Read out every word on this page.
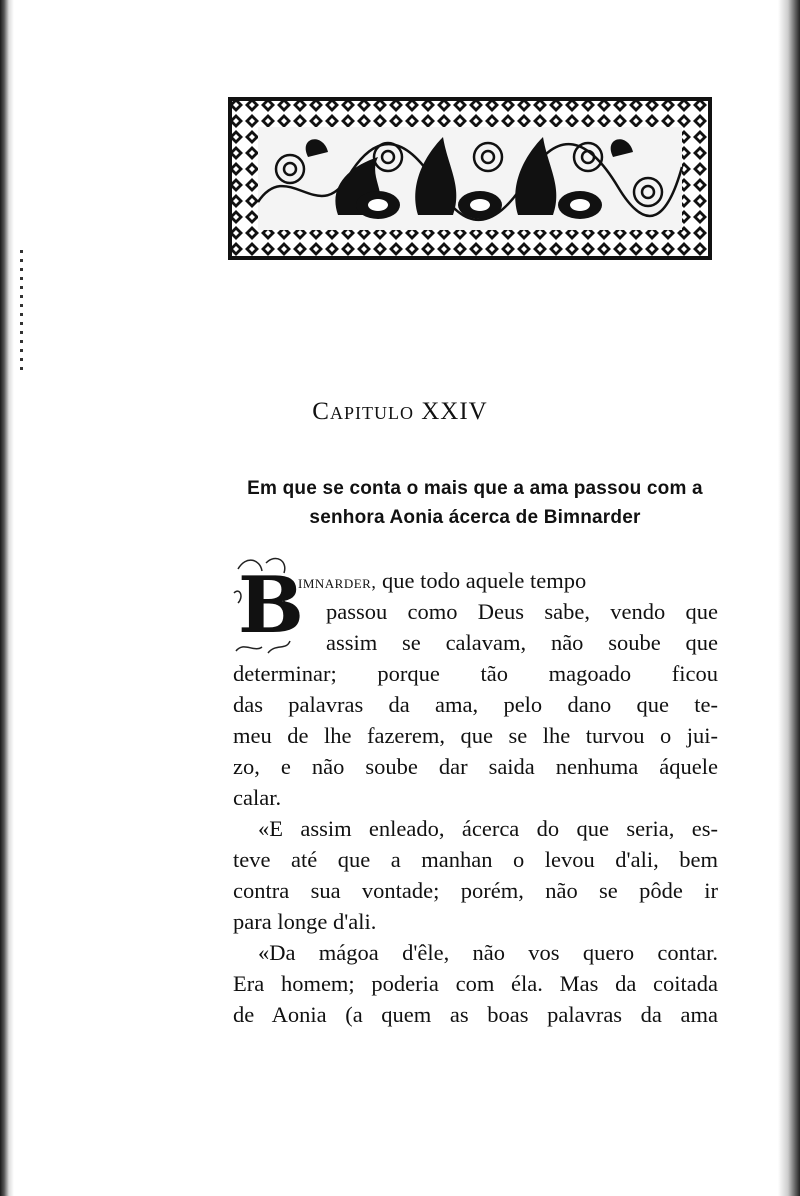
Capitulo XXIV
Em que se conta o mais que a ama passou com a
senhora Aonia ácerca de Bimnarder
B
imnarder, que todo aquele tempo
passou como Deus sabe, vendo que
assim se calavam, não soube que
determinar; porque tão magoado ficou
das palavras da ama, pelo dano que te-
meu de lhe fazerem, que se lhe turvou o jui-
zo, e não soube dar saida nenhuma áquele
calar.
«E assim enleado, ácerca do que seria, es-
teve até que a manhan o levou d'ali, bem
contra sua vontade; porém, não se pôde ir
para longe d'ali.
«Da mágoa d'êle, não vos quero contar.
Era homem; poderia com éla. Mas da coitada
de Aonia (a quem as boas palavras da ama
